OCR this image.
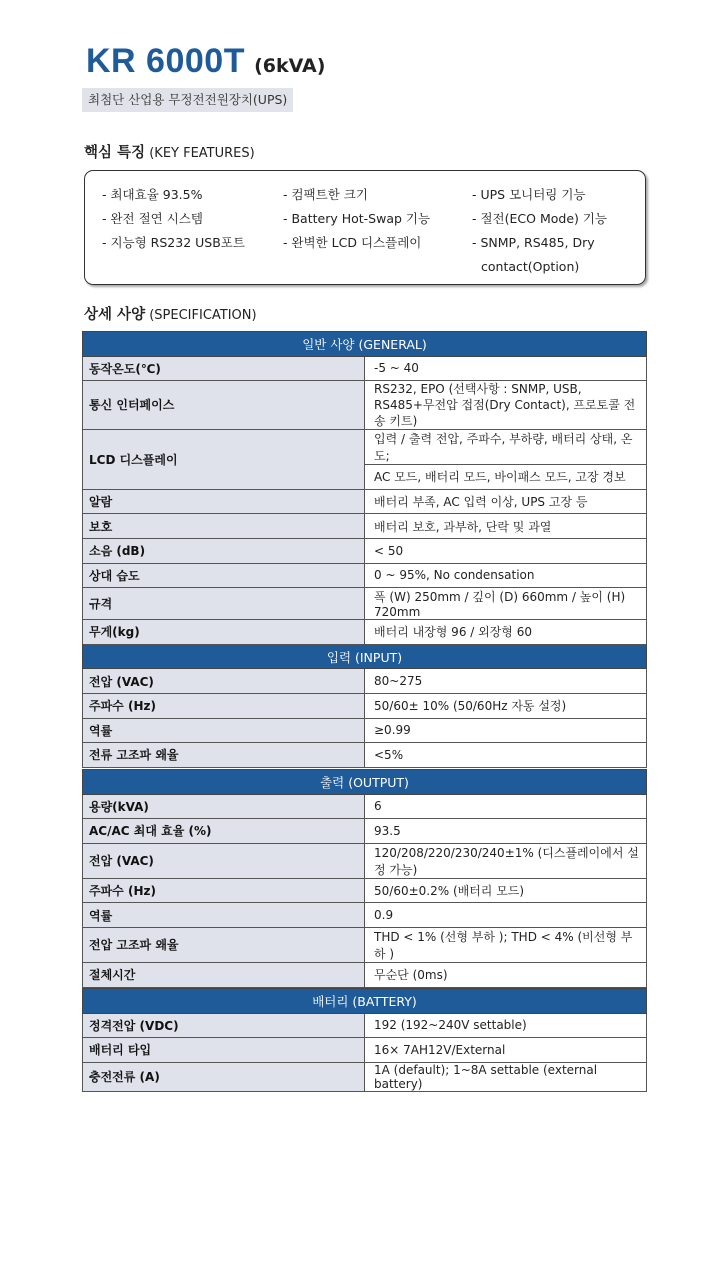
KR 6000T (6kVA)
최첨단 산업용 무정전전원장치(UPS)
핵심 특징 (KEY FEATURES)
- 최대효율 93.5%
- 완전 절연 시스템
- 지능형 RS232 USB포트
- 컴팩트한 크기
- Battery Hot-Swap 기능
- 완벽한 LCD 디스플레이
- UPS 모니터링 기능
- 절전(ECO Mode) 기능
- SNMP, RS485, Dry
contact(Option)
상세 사양 (SPECIFICATION)
일반 사양 (GENERAL)	
동작온도(℃)	-5 ~ 40
통신 인터페이스	RS232, EPO (선택사항 : SNMP, USB, RS485+무전압 접점(Dry Contact), 프로토콜 전송 키트)
LCD 디스플레이	입력 / 출력 전압, 주파수, 부하량, 배터리 상태, 온도;
	AC 모드, 배터리 모드, 바이패스 모드, 고장 경보
알람	배터리 부족, AC 입력 이상, UPS 고장 등
보호	배터리 보호, 과부하, 단락 및 과열
소음 (dB)	< 50
상대 습도	0 ~ 95%, No condensation
규격	폭 (W) 250mm / 깊이 (D) 660mm / 높이 (H) 720mm
무게(kg)	배터리 내장형 96 / 외장형 60
입력 (INPUT)	
전압 (VAC)	80~275
주파수 (Hz)	50/60± 10% (50/60Hz 자동 설정)
역률	≥0.99
전류 고조파 왜율	<5%
출력 (OUTPUT)	
용량(kVA)	6
AC/AC 최대 효율 (%)	93.5
전압 (VAC)	120/208/220/230/240±1% (디스플레이에서 설정 가능)
주파수 (Hz)	50/60±0.2% (배터리 모드)
역률	0.9
전압 고조파 왜율	THD < 1% (선형 부하 ); THD < 4% (비선형 부하 )
절체시간	무순단 (0ms)
배터리 (BATTERY)	
정격전압 (VDC)	192 (192~240V settable)
배터리 타입	16× 7AH12V/External
충전전류 (A)	1A (default); 1~8A settable (external battery)
